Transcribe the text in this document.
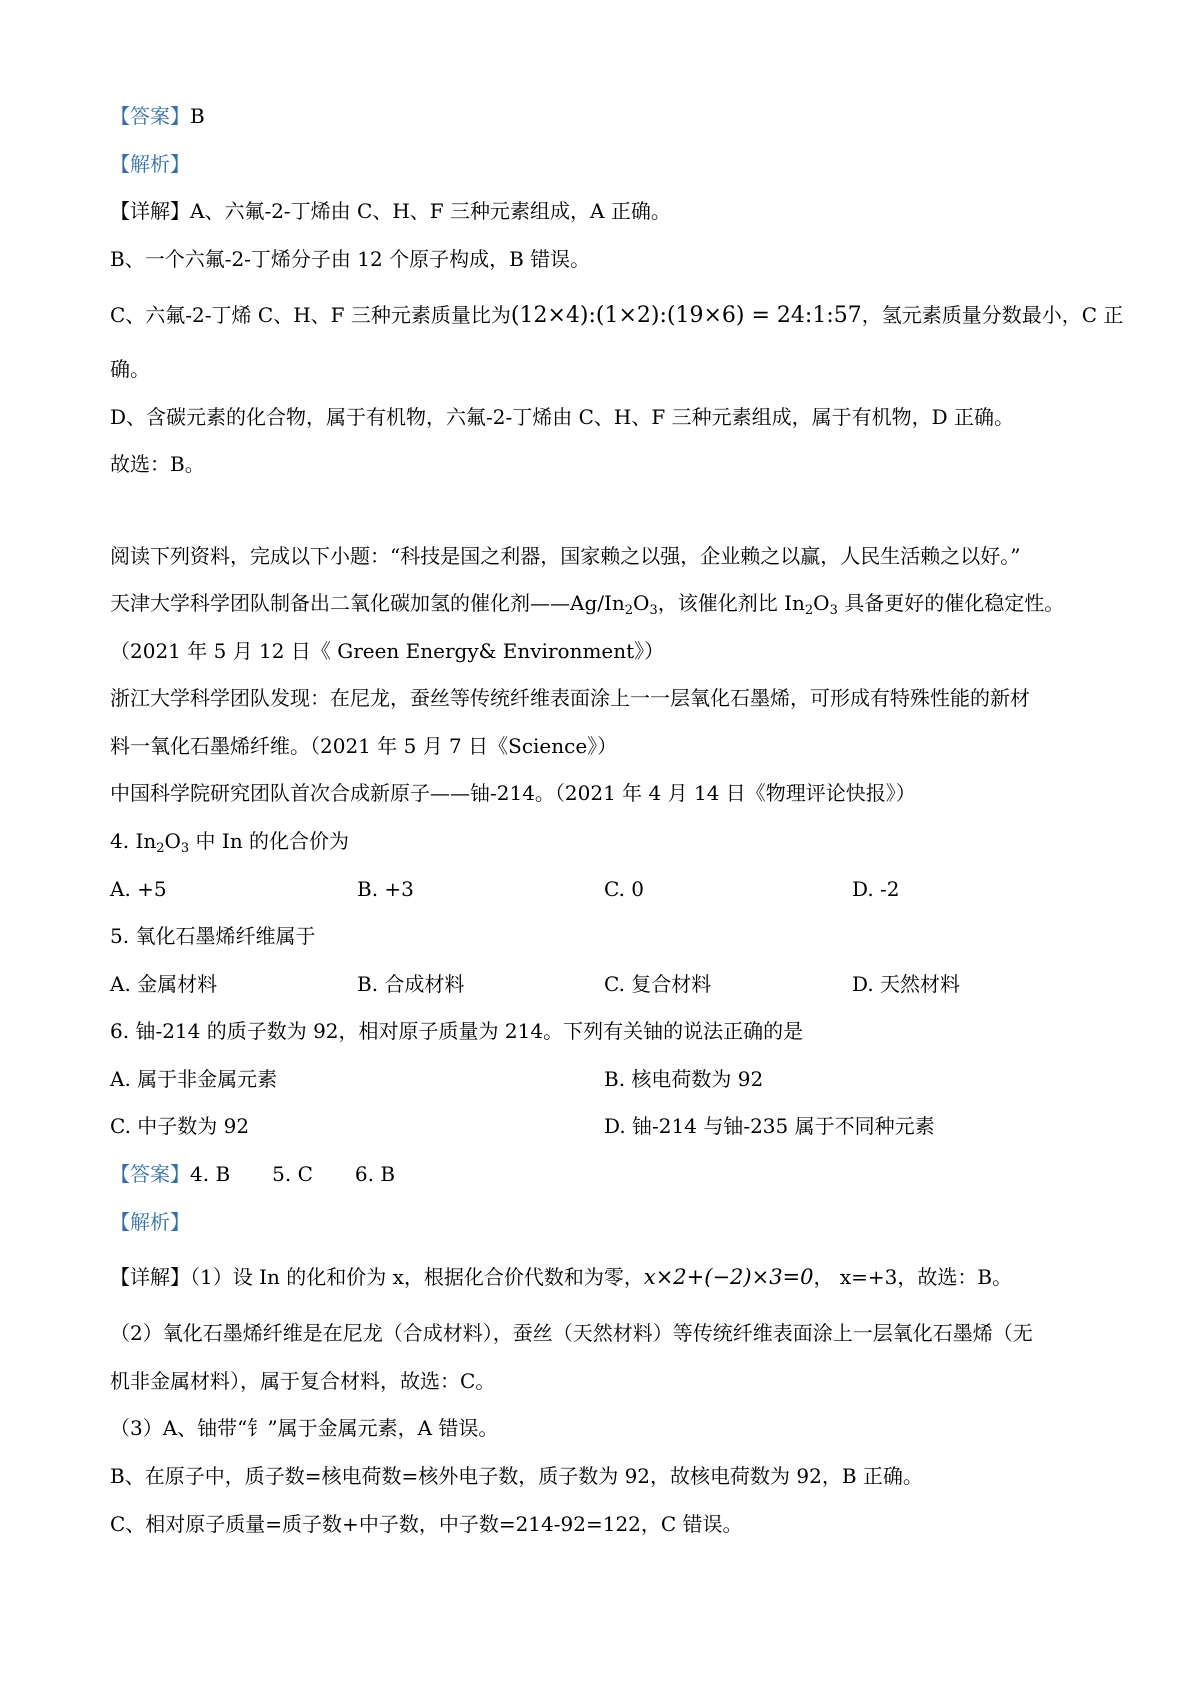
【答案】B
【解析】
【详解】A、六氟-2-丁烯由 C、H、F 三种元素组成，A 正确。
B、一个六氟-2-丁烯分子由 12 个原子构成，B 错误。
C、六氟-2-丁烯 C、H、F 三种元素质量比为(12×4):(1×2):(19×6) = 24:1:57，氢元素质量分数最小，C 正
确。
D、含碳元素的化合物，属于有机物，六氟-2-丁烯由 C、H、F 三种元素组成，属于有机物，D 正确。
故选：B。
阅读下列资料，完成以下小题：“科技是国之利器，国家赖之以强，企业赖之以赢，人民生活赖之以好。”
天津大学科学团队制备出二氧化碳加氢的催化剂$——Ag/In_2O_3$，该催化剂比 $In_2O_3$ 具备更好的催化稳定性。
（2021 年 5 月 12 日《 Green Energy& Environment》）
浙江大学科学团队发现：在尼龙，蚕丝等传统纤维表面涂上一一层氧化石墨烯，可形成有特殊性能的新材
料一氧化石墨烯纤维。（2021 年 5 月 7 日《Science》）
中国科学院研究团队首次合成新原子——铀-214。（2021 年 4 月 14 日《物理评论快报》）
4. $In_2O_3$ 中 In 的化合价为
A. +5	B. +3	C. 0	D. -2
5. 氧化石墨烯纤维属于
A. 金属材料	B. 合成材料	C. 复合材料	D. 天然材料
6. 铀-214 的质子数为 92，相对原子质量为 214。下列有关铀的说法正确的是
A. 属于非金属元素	B. 核电荷数为 92
C. 中子数为 92	D. 铀-214 与铀-235 属于不同种元素
【答案】4. B 5. C 6. B
【解析】
【详解】（1）设 In 的化和价为 x，根据化合价代数和为零，x×2+(−2)×3=0， x=+3，故选：B。
（2）氧化石墨烯纤维是在尼龙（合成材料），蚕丝（天然材料）等传统纤维表面涂上一层氧化石墨烯（无
机非金属材料），属于复合材料，故选：C。
（3）A、铀带“钅”属于金属元素，A 错误。
B、在原子中，质子数=核电荷数=核外电子数，质子数为 92，故核电荷数为 92，B 正确。
C、相对原子质量=质子数+中子数，中子数=214-92=122，C 错误。
